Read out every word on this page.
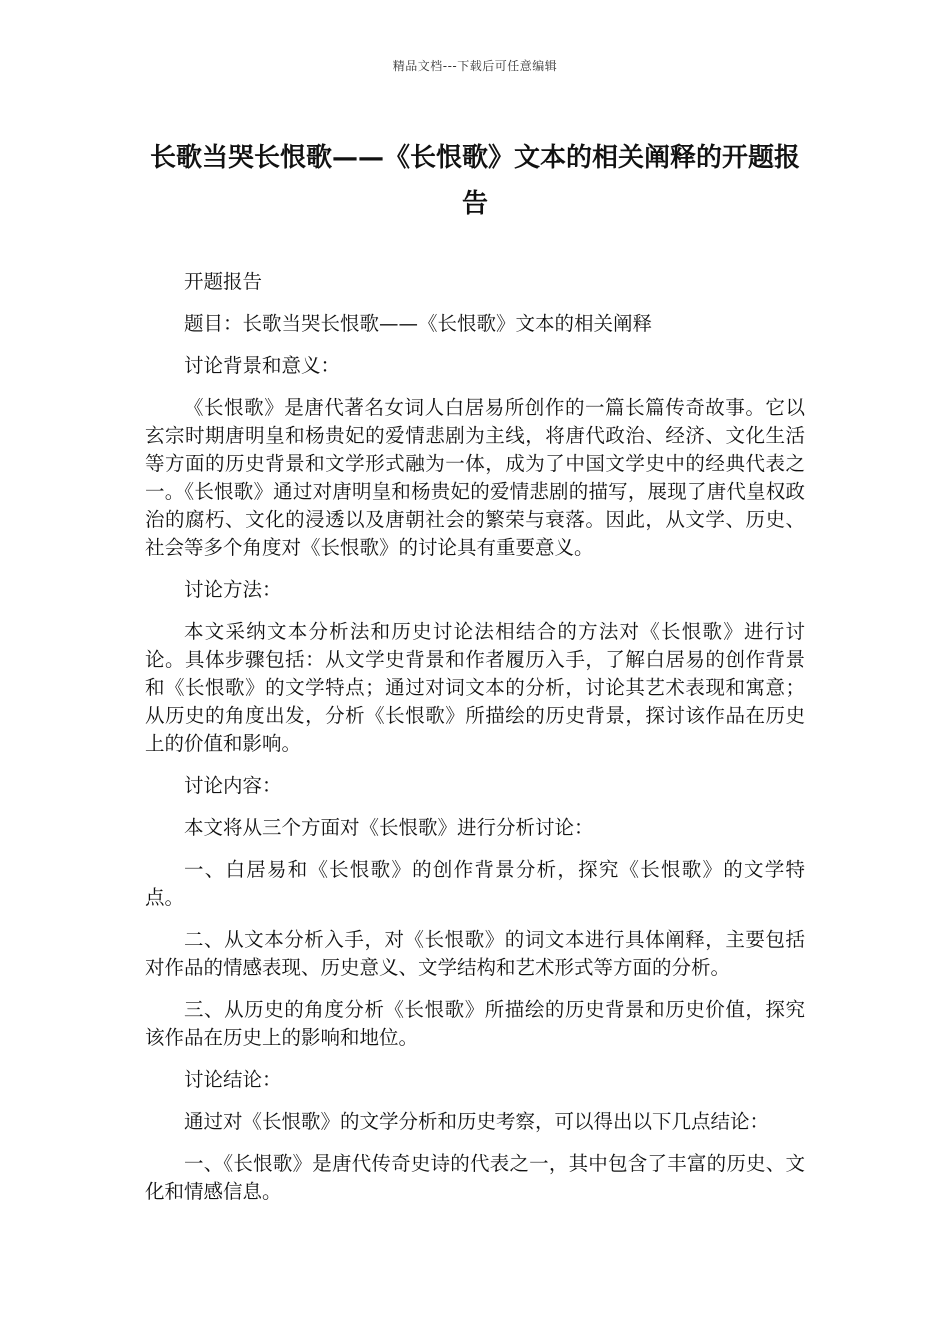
精品文档---下载后可任意编辑
长歌当哭长恨歌——《长恨歌》文本的相关阐释的开题报告

开题报告

题目：长歌当哭长恨歌——《长恨歌》文本的相关阐释

讨论背景和意义：

《长恨歌》是唐代著名女词人白居易所创作的一篇长篇传奇故事。它以玄宗时期唐明皇和杨贵妃的爱情悲剧为主线，将唐代政治、经济、文化生活等方面的历史背景和文学形式融为一体，成为了中国文学史中的经典代表之一。《长恨歌》通过对唐明皇和杨贵妃的爱情悲剧的描写，展现了唐代皇权政治的腐朽、文化的浸透以及唐朝社会的繁荣与衰落。因此，从文学、历史、社会等多个角度对《长恨歌》的讨论具有重要意义。

讨论方法：

本文采纳文本分析法和历史讨论法相结合的方法对《长恨歌》进行讨论。具体步骤包括：从文学史背景和作者履历入手，了解白居易的创作背景和《长恨歌》的文学特点；通过对词文本的分析，讨论其艺术表现和寓意；从历史的角度出发，分析《长恨歌》所描绘的历史背景，探讨该作品在历史上的价值和影响。

讨论内容：

本文将从三个方面对《长恨歌》进行分析讨论：

一、白居易和《长恨歌》的创作背景分析，探究《长恨歌》的文学特点。

二、从文本分析入手，对《长恨歌》的词文本进行具体阐释，主要包括对作品的情感表现、历史意义、文学结构和艺术形式等方面的分析。

三、从历史的角度分析《长恨歌》所描绘的历史背景和历史价值，探究该作品在历史上的影响和地位。

讨论结论：

通过对《长恨歌》的文学分析和历史考察，可以得出以下几点结论：

一、《长恨歌》是唐代传奇史诗的代表之一，其中包含了丰富的历史、文化和情感信息。
